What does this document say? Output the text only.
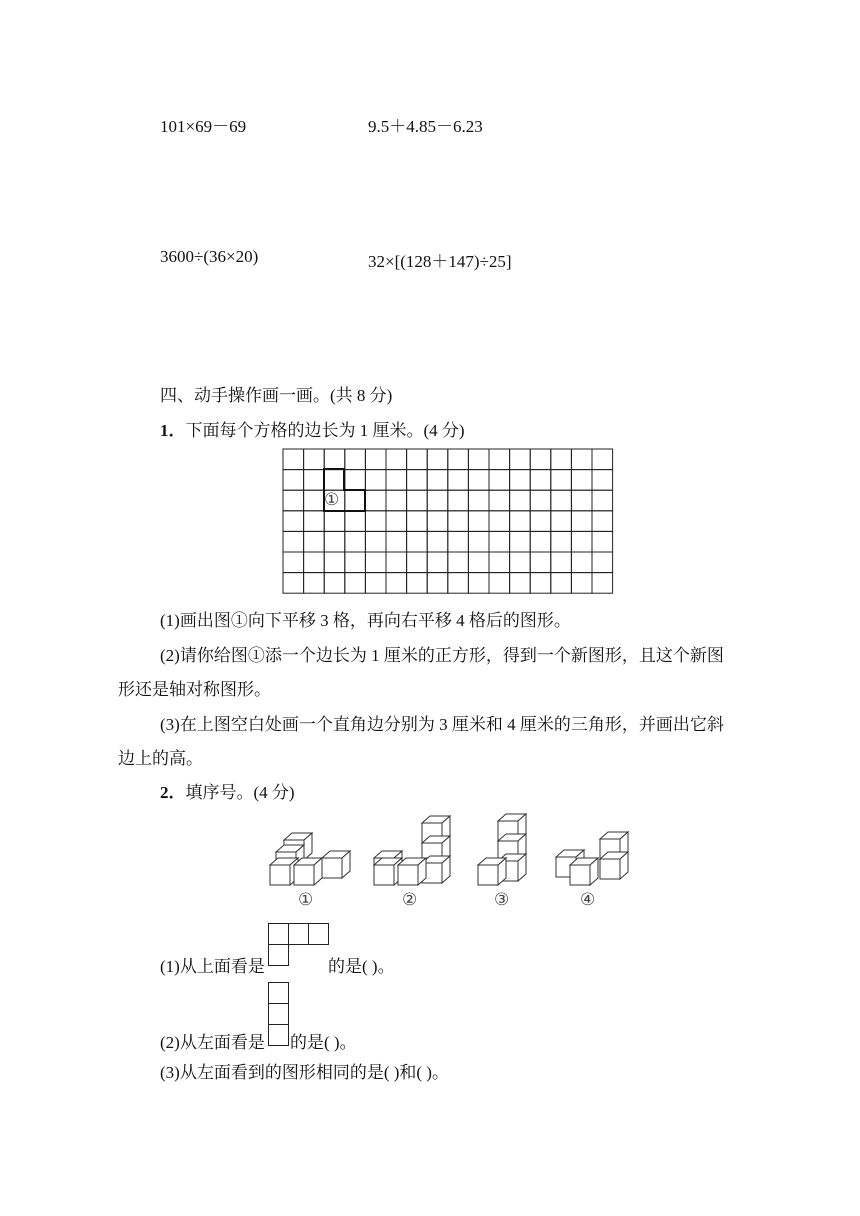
101×69－69	9.5＋4.85－6.23
3600÷(36×20)	32×[(128＋147)÷25]
四、动手操作画一画。(共 8 分)
1．下面每个方格的边长为 1 厘米。(4 分)
①
(1)画出图①向下平移 3 格，再向右平移 4 格后的图形。
(2)请你给图①添一个边长为 1 厘米的正方形，得到一个新图形，且这个新图
形还是轴对称图形。
(3)在上图空白处画一个直角边分别为 3 厘米和 4 厘米的三角形，并画出它斜
边上的高。
2．填序号。(4 分)
①	②	③	④
(1)从上面看是	的是( )。
(2)从左面看是 的是( )。
(3)从左面看到的图形相同的是( )和( )。
